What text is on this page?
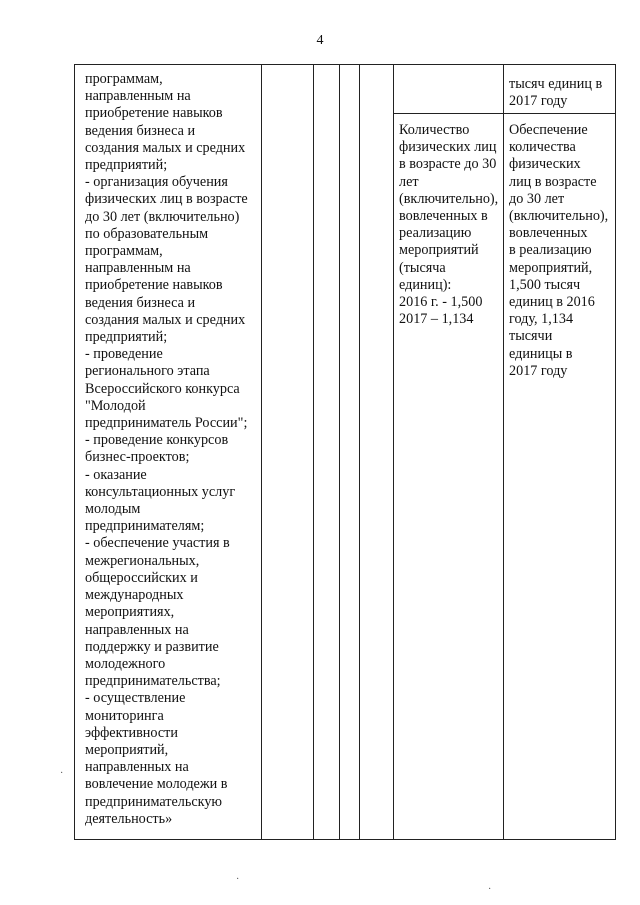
4

программам,
направленным на
приобретение навыков
ведения бизнеса и
создания малых и средних
предприятий;
- организация обучения
физических лиц в возрасте
до 30 лет (включительно)
по образовательным
программам,
направленным на
приобретение навыков
ведения бизнеса и
создания малых и средних
предприятий;
- проведение
регионального этапа
Всероссийского конкурса
"Молодой
предприниматель России";
- проведение конкурсов
бизнес-проектов;
- оказание
консультационных услуг
молодым
предпринимателям;
- обеспечение участия в
межрегиональных,
общероссийских и
международных
мероприятиях,
направленных на
поддержку и развитие
молодежного
предпринимательства;
- осуществление
мониторинга
эффективности
мероприятий,
направленных на
вовлечение молодежи в
предпринимательскую
деятельность»

тысяч единиц в
2017 году

Количество
физических лиц
в возрасте до 30
лет
(включительно),
вовлеченных в
реализацию
мероприятий
(тысяча
единиц):
2016 г. - 1,500
2017 – 1,134

Обеспечение
количества
физических
лиц в возрасте
до 30 лет
(включительно),
вовлеченных
в реализацию
мероприятий,
1,500 тысяч
единиц в 2016
году, 1,134
тысячи
единицы в
2017 году

·
·
·
